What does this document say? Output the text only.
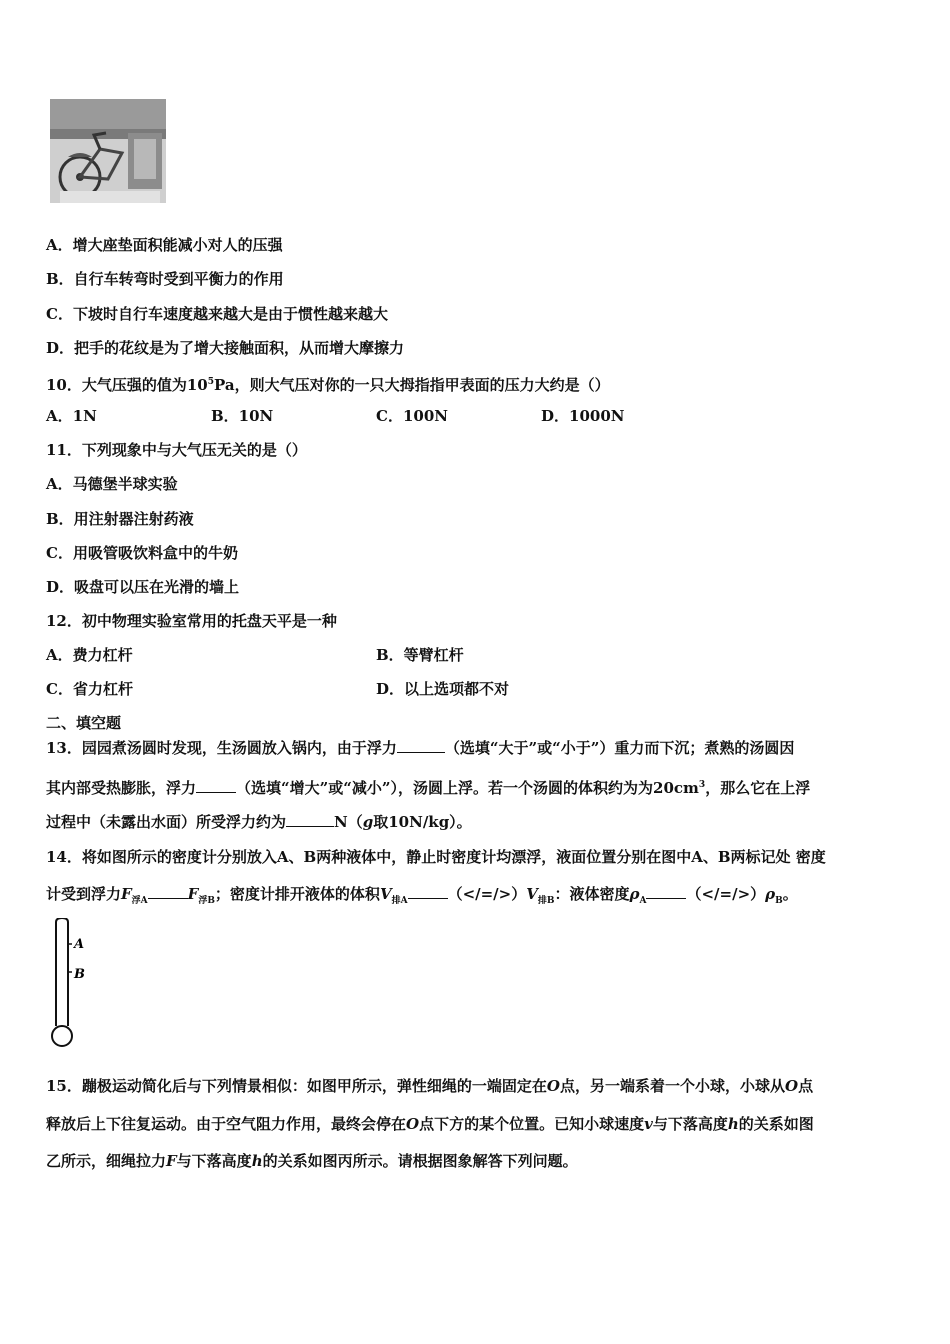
A．增大座垫面积能减小对人的压强
B．自行车转弯时受到平衡力的作用
C．下坡时自行车速度越来越大是由于惯性越来越大
D．把手的花纹是为了增大接触面积，从而增大摩擦力
10．大气压强的值为$10^5Pa$，则大气压对你的一只大拇指指甲表面的压力大约是（）
A．1N	B．10N	C．100N	D．1000N
11．下列现象中与大气压无关的是（）
A．马德堡半球实验
B．用注射器注射药液
C．用吸管吸饮料盒中的牛奶
D．吸盘可以压在光滑的墙上
12．初中物理实验室常用的托盘天平是一种
A．费力杠杆	B．等臂杠杆
C．省力杠杆	D．以上选项都不对
二、填空题
13．园园煮汤圆时发现，生汤圆放入锅内，由于浮力	（选填“大于”或“小于”）重力而下沉；煮熟的汤圆因
其内部受热膨胀，浮力	（选填“增大”或“减小”），汤圆上浮。若一个汤圆的体积约为为$20cm^3$，那么它在上浮
过程中（未露出水面）所受浮力约为	N（g取10N/kg）。
14．将如图所示的密度计分别放入A、B两种液体中，静止时密度计均漂浮，液面位置分别在图中A、B两标记处 密度
计受到浮力$F_{浮A}$	$F_{浮B}$；密度计排开液体的体积$V_{排A}$	$(</=/>)V_{排B}$：液体密度$\rho_A$	$(</=/>)\rho_B$。
A
B
15．蹦极运动简化后与下列情景相似：如图甲所示，弹性细绳的一端固定在O点，另一端系着一个小球，小球从O点
释放后上下往复运动。由于空气阻力作用，最终会停在O点下方的某个位置。已知小球速度v与下落高度h的关系如图
乙所示，细绳拉力F与下落高度h的关系如图丙所示。请根据图象解答下列问题。
